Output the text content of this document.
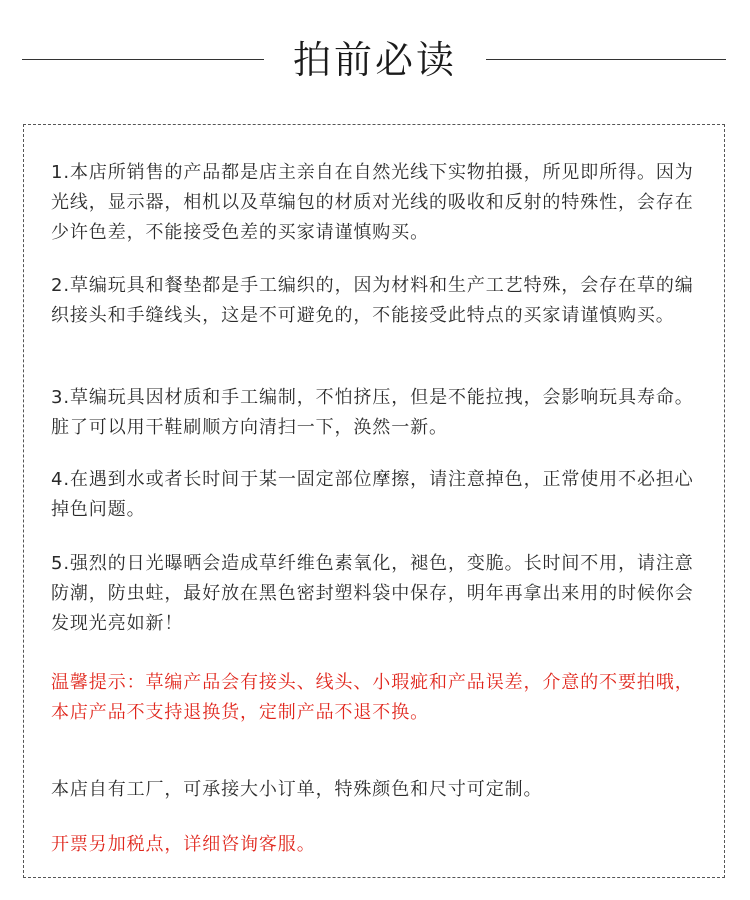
拍前必读

1.本店所销售的产品都是店主亲自在自然光线下实物拍摄，所见即所得。因为光线，显示器，相机以及草编包的材质对光线的吸收和反射的特殊性，会存在少许色差，不能接受色差的买家请谨慎购买。

2.草编玩具和餐垫都是手工编织的，因为材料和生产工艺特殊，会存在草的编织接头和手缝线头，这是不可避免的，不能接受此特点的买家请谨慎购买。

3.草编玩具因材质和手工编制，不怕挤压，但是不能拉拽，会影响玩具寿命。脏了可以用干鞋刷顺方向清扫一下，涣然一新。

4.在遇到水或者长时间于某一固定部位摩擦，请注意掉色，正常使用不必担心掉色问题。

5.强烈的日光曝晒会造成草纤维色素氧化，褪色，变脆。长时间不用，请注意防潮，防虫蛀，最好放在黑色密封塑料袋中保存，明年再拿出来用的时候你会发现光亮如新！

温馨提示：草编产品会有接头、线头、小瑕疵和产品误差，介意的不要拍哦，本店产品不支持退换货，定制产品不退不换。

本店自有工厂，可承接大小订单，特殊颜色和尺寸可定制。

开票另加税点，详细咨询客服。
